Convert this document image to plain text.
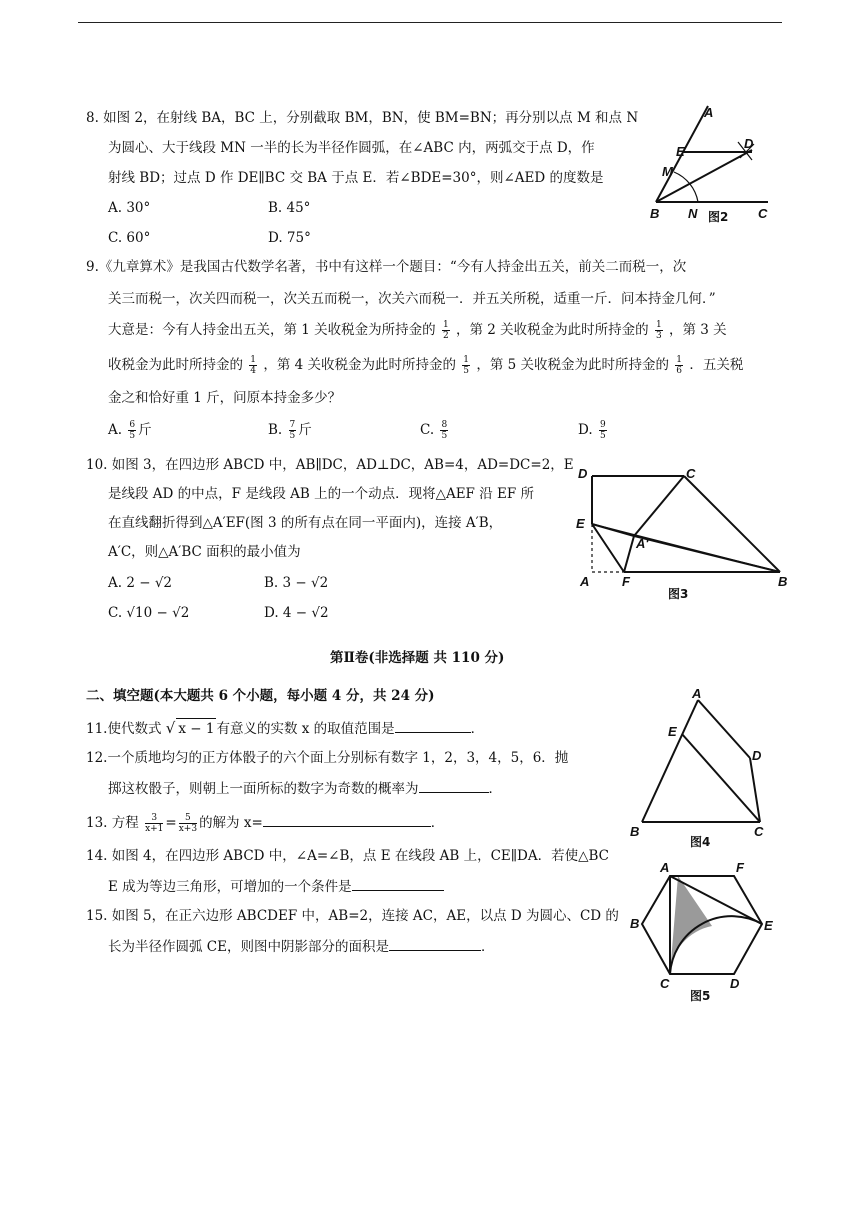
8. 如图 2，在射线 BA，BC 上，分别截取 BM，BN，使 BM=BN；再分别以点 M 和点 N
为圆心、大于线段 MN 一半的长为半径作圆弧，在∠ABC 内，两弧交于点 D，作
射线 BD；过点 D 作 DE∥BC 交 BA 于点 E．若∠BDE=30°，则∠AED 的度数是
A. 30°	B. 45°
C. 60°	D. 75°
A
E
D
M
B N	C
图2
9.《九章算术》是我国古代数学名著，书中有这样一个题目：“今有人持金出五关，前关二而税一，次
关三而税一，次关四而税一，次关五而税一，次关六而税一．并五关所税，适重一斤．问本持金几何．”
大意是：今有人持金出五关，第 1 关收税金为所持金的 $\frac{1}{2}$ ，第 2 关收税金为此时所持金的 $\frac{1}{3}$ ，第 3 关
收税金为此时所持金的 $\frac{1}{4}$ ，第 4 关收税金为此时所持金的 $\frac{1}{5}$ ，第 5 关收税金为此时所持金的 $\frac{1}{6}$ ．五关税
金之和恰好重 1 斤，问原本持金多少？
A. $\frac{6}{5}$ 斤	B. $\frac{7}{5}$ 斤	C. $\frac{8}{5}$	D. $\frac{9}{5}$
10. 如图 3，在四边形 ABCD 中，AB∥DC，AD⊥DC，AB=4，AD=DC=2，E
是线段 AD 的中点，F 是线段 AB 上的一个动点．现将△AEF 沿 EF 所
在直线翻折得到△A′EF(图 3 的所有点在同一平面内)，连接 A′B，
A′C，则△A′BC 面积的最小值为
A. 2 − √2	B. 3 − √2
C. √10 − √2	D. 4 − √2
D	C
E
A′
A	F	B
图3
第Ⅱ卷(非选择题 共 110 分)
二、填空题(本大题共 6 个小题，每小题 4 分，共 24 分)
11.使代数式 √ x − 1 有意义的实数 x 的取值范围是	．
12.一个质地均匀的正方体骰子的六个面上分别标有数字 1，2，3，4，5，6．抛
掷这枚骰子，则朝上一面所标的数字为奇数的概率为	．
13. 方程 $\frac{3}{x+1} = \frac{5}{x+3}$ 的解为 x=	．
14. 如图 4，在四边形 ABCD 中，∠A=∠B，点 E 在线段 AB 上，CE∥DA．若使△BC
E 成为等边三角形，可增加的一个条件是
15. 如图 5，在正六边形 ABCDEF 中，AB=2，连接 AC，AE，以点 D 为圆心、CD 的
长为半径作圆弧 CE，则图中阴影部分的面积是	．
A
E
D
B	C
图4
A	F
B	E
C	D
图5
